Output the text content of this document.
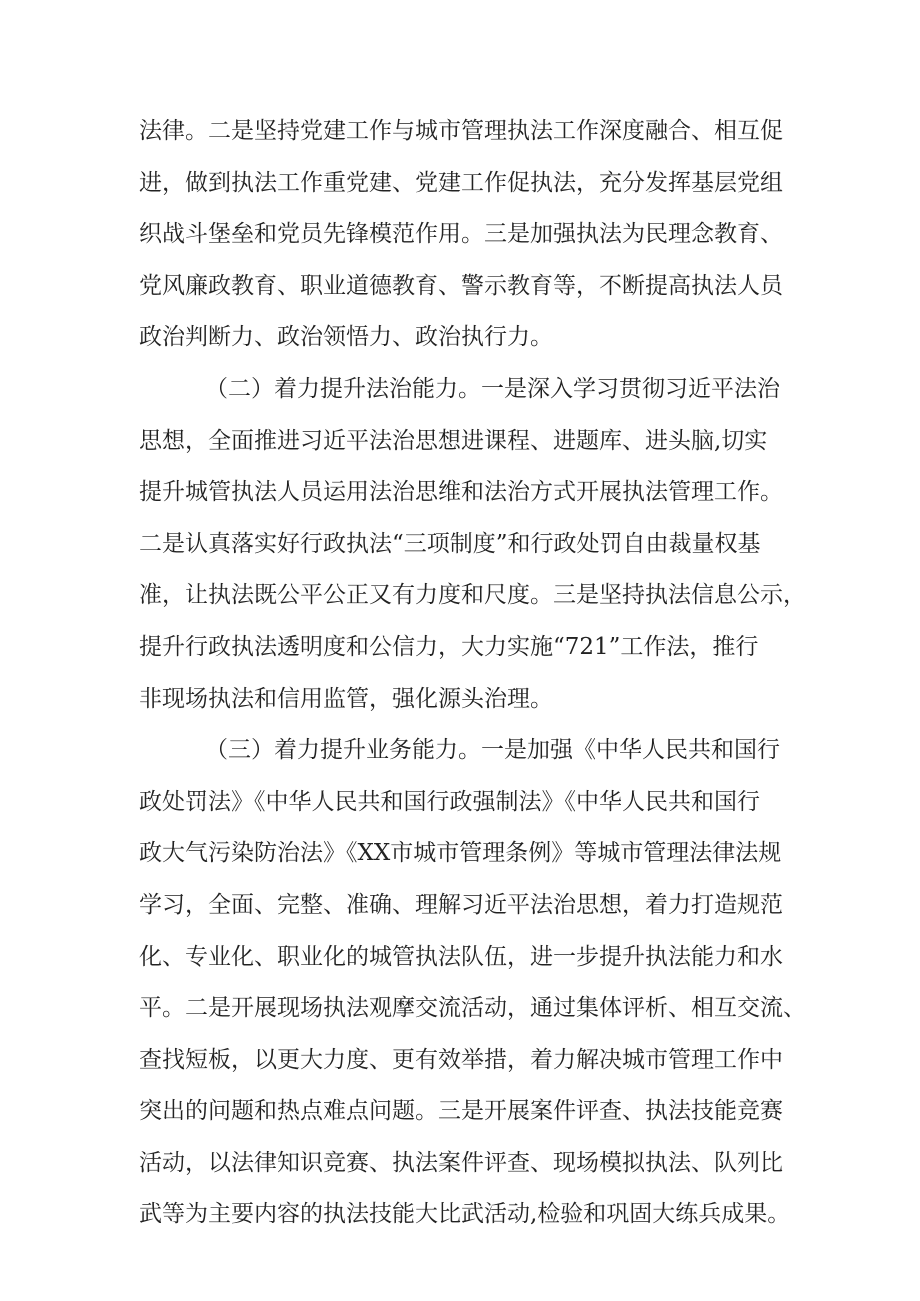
法律。二是坚持党建工作与城市管理执法工作深度融合、相互促
进，做到执法工作重党建、党建工作促执法，充分发挥基层党组
织战斗堡垒和党员先锋模范作用。三是加强执法为民理念教育、
党风廉政教育、职业道德教育、警示教育等，不断提高执法人员
政治判断力、政治领悟力、政治执行力。
（二）着力提升法治能力。一是深入学习贯彻习近平法治
思想，全面推进习近平法治思想进课程、进题库、进头脑,切实
提升城管执法人员运用法治思维和法治方式开展执法管理工作。
二是认真落实好行政执法“三项制度”和行政处罚自由裁量权基
准，让执法既公平公正又有力度和尺度。三是坚持执法信息公示，
提升行政执法透明度和公信力，大力实施“721”工作法，推行
非现场执法和信用监管，强化源头治理。
（三）着力提升业务能力。一是加强《中华人民共和国行
政处罚法》《中华人民共和国行政强制法》《中华人民共和国行
政大气污染防治法》《XX市城市管理条例》等城市管理法律法规
学习，全面、完整、准确、理解习近平法治思想，着力打造规范
化、专业化、职业化的城管执法队伍，进一步提升执法能力和水
平。二是开展现场执法观摩交流活动，通过集体评析、相互交流、
查找短板，以更大力度、更有效举措，着力解决城市管理工作中
突出的问题和热点难点问题。三是开展案件评查、执法技能竞赛
活动，以法律知识竞赛、执法案件评查、现场模拟执法、队列比
武等为主要内容的执法技能大比武活动,检验和巩固大练兵成果。
